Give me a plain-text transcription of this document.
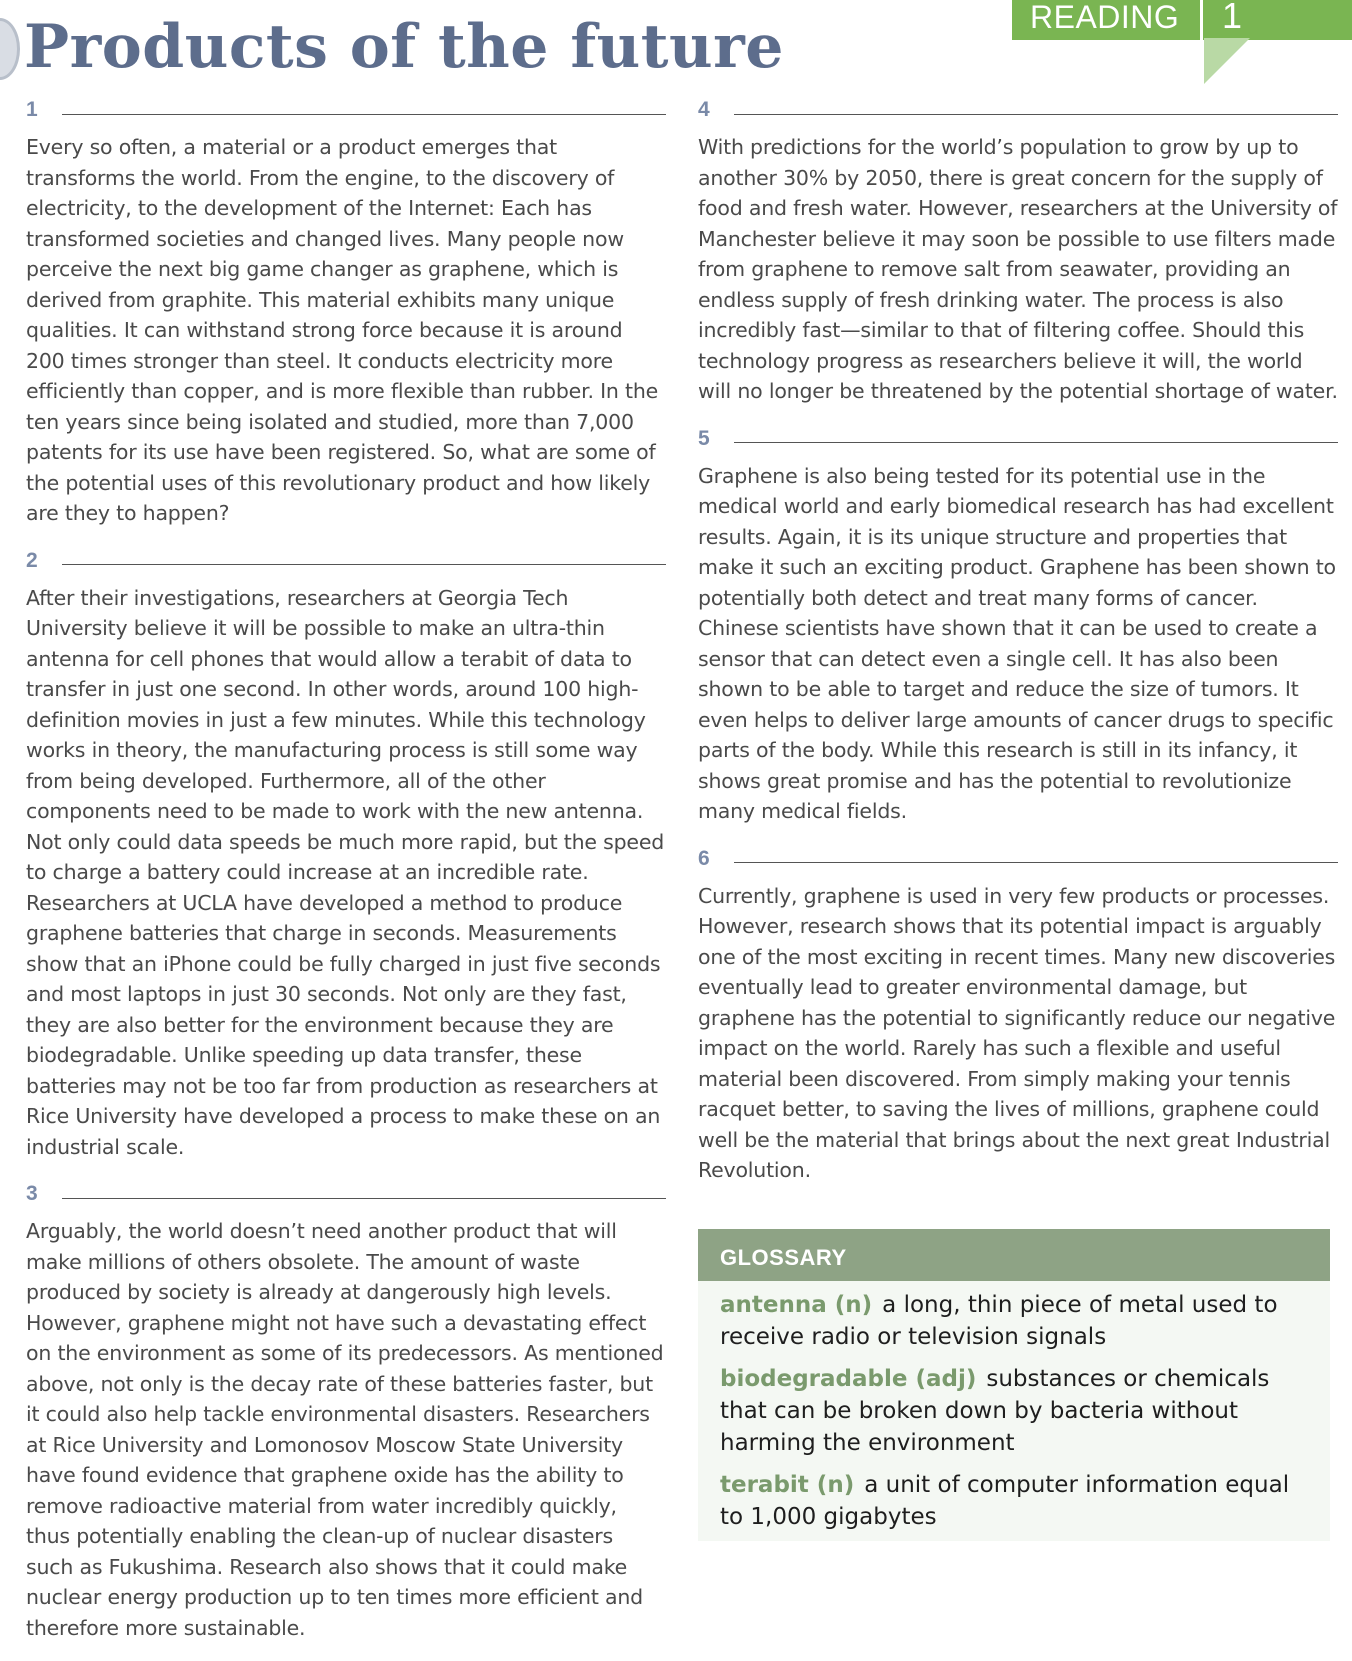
Products of the future	READING 1
1

Every so often, a material or a product emerges that transforms the world. From the engine, to the discovery of electricity, to the development of the Internet: Each has transformed societies and changed lives. Many people now perceive the next big game changer as graphene, which is derived from graphite. This material exhibits many unique qualities. It can withstand strong force because it is around 200 times stronger than steel. It conducts electricity more efficiently than copper, and is more flexible than rubber. In the ten years since being isolated and studied, more than 7,000 patents for its use have been registered. So, what are some of the potential uses of this revolutionary product and how likely are they to happen?

2

After their investigations, researchers at Georgia Tech University believe it will be possible to make an ultra-thin antenna for cell phones that would allow a terabit of data to transfer in just one second. In other words, around 100 high-definition movies in just a few minutes. While this technology works in theory, the manufacturing process is still some way from being developed. Furthermore, all of the other components need to be made to work with the new antenna. Not only could data speeds be much more rapid, but the speed to charge a battery could increase at an incredible rate. Researchers at UCLA have developed a method to produce graphene batteries that charge in seconds. Measurements show that an iPhone could be fully charged in just five seconds and most laptops in just 30 seconds. Not only are they fast, they are also better for the environment because they are biodegradable. Unlike speeding up data transfer, these batteries may not be too far from production as researchers at Rice University have developed a process to make these on an industrial scale.

3

Arguably, the world doesn’t need another product that will make millions of others obsolete. The amount of waste produced by society is already at dangerously high levels. However, graphene might not have such a devastating effect on the environment as some of its predecessors. As mentioned above, not only is the decay rate of these batteries faster, but it could also help tackle environmental disasters. Researchers at Rice University and Lomonosov Moscow State University have found evidence that graphene oxide has the ability to remove radioactive material from water incredibly quickly, thus potentially enabling the clean-up of nuclear disasters such as Fukushima. Research also shows that it could make nuclear energy production up to ten times more efficient and therefore more sustainable.

4

With predictions for the world’s population to grow by up to another 30% by 2050, there is great concern for the supply of food and fresh water. However, researchers at the University of Manchester believe it may soon be possible to use filters made from graphene to remove salt from seawater, providing an endless supply of fresh drinking water. The process is also incredibly fast—similar to that of filtering coffee. Should this technology progress as researchers believe it will, the world will no longer be threatened by the potential shortage of water.

5

Graphene is also being tested for its potential use in the medical world and early biomedical research has had excellent results. Again, it is its unique structure and properties that make it such an exciting product. Graphene has been shown to potentially both detect and treat many forms of cancer. Chinese scientists have shown that it can be used to create a sensor that can detect even a single cell. It has also been shown to be able to target and reduce the size of tumors. It even helps to deliver large amounts of cancer drugs to specific parts of the body. While this research is still in its infancy, it shows great promise and has the potential to revolutionize many medical fields.

6

Currently, graphene is used in very few products or processes. However, research shows that its potential impact is arguably one of the most exciting in recent times. Many new discoveries eventually lead to greater environmental damage, but graphene has the potential to significantly reduce our negative impact on the world. Rarely has such a flexible and useful material been discovered. From simply making your tennis racquet better, to saving the lives of millions, graphene could well be the material that brings about the next great Industrial Revolution.

GLOSSARY
antenna (n) a long, thin piece of metal used to receive radio or television signals
biodegradable (adj) substances or chemicals that can be broken down by bacteria without harming the environment
terabit (n) a unit of computer information equal to 1,000 gigabytes
